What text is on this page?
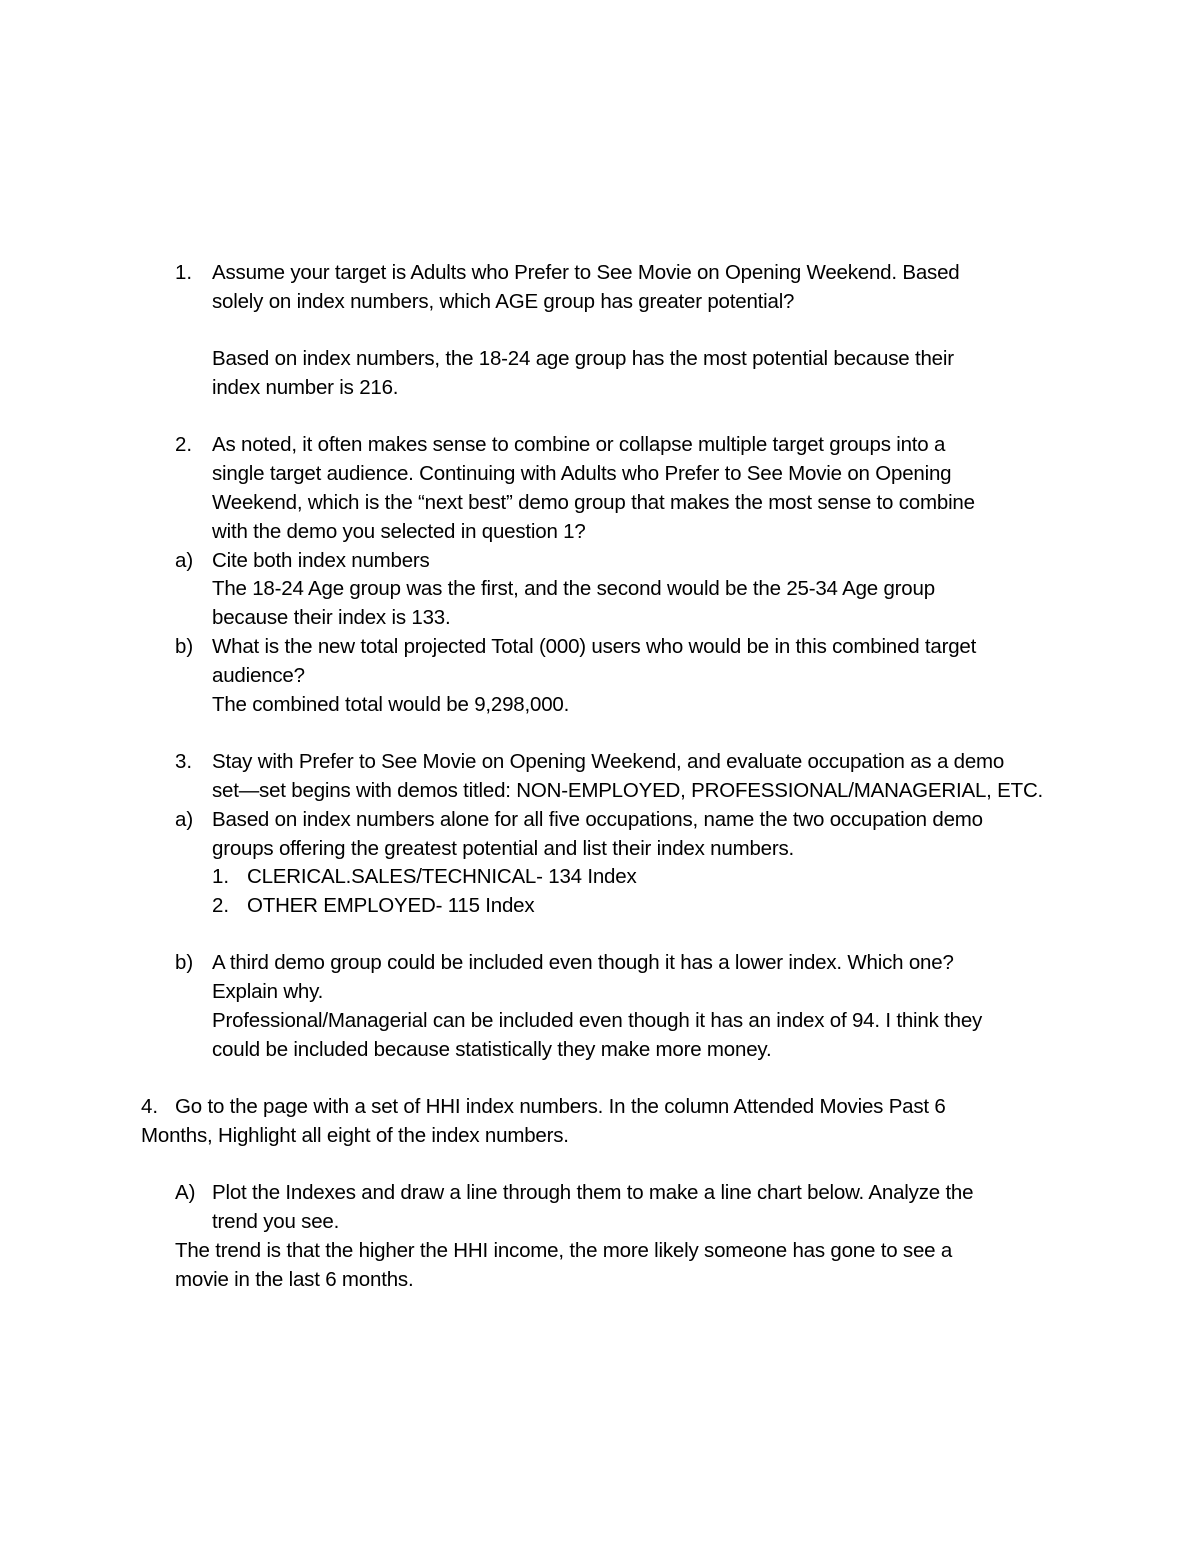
1. Assume your target is Adults who Prefer to See Movie on Opening Weekend. Based
solely on index numbers, which AGE group has greater potential?
Based on index numbers, the 18-24 age group has the most potential because their
index number is 216.
2. As noted, it often makes sense to combine or collapse multiple target groups into a
single target audience. Continuing with Adults who Prefer to See Movie on Opening
Weekend, which is the “next best” demo group that makes the most sense to combine
with the demo you selected in question 1?
a) Cite both index numbers
The 18-24 Age group was the first, and the second would be the 25-34 Age group
because their index is 133.
b) What is the new total projected Total (000) users who would be in this combined target
audience?
The combined total would be 9,298,000.
3. Stay with Prefer to See Movie on Opening Weekend, and evaluate occupation as a demo
set—set begins with demos titled: NON-EMPLOYED, PROFESSIONAL/MANAGERIAL, ETC.
a) Based on index numbers alone for all five occupations, name the two occupation demo
groups offering the greatest potential and list their index numbers.
1. CLERICAL.SALES/TECHNICAL- 134 Index
2. OTHER EMPLOYED- 115 Index
b) A third demo group could be included even though it has a lower index. Which one?
Explain why.
Professional/Managerial can be included even though it has an index of 94. I think they
could be included because statistically they make more money.
4. Go to the page with a set of HHI index numbers. In the column Attended Movies Past 6
Months, Highlight all eight of the index numbers.
A) Plot the Indexes and draw a line through them to make a line chart below. Analyze the
trend you see.
The trend is that the higher the HHI income, the more likely someone has gone to see a
movie in the last 6 months.
